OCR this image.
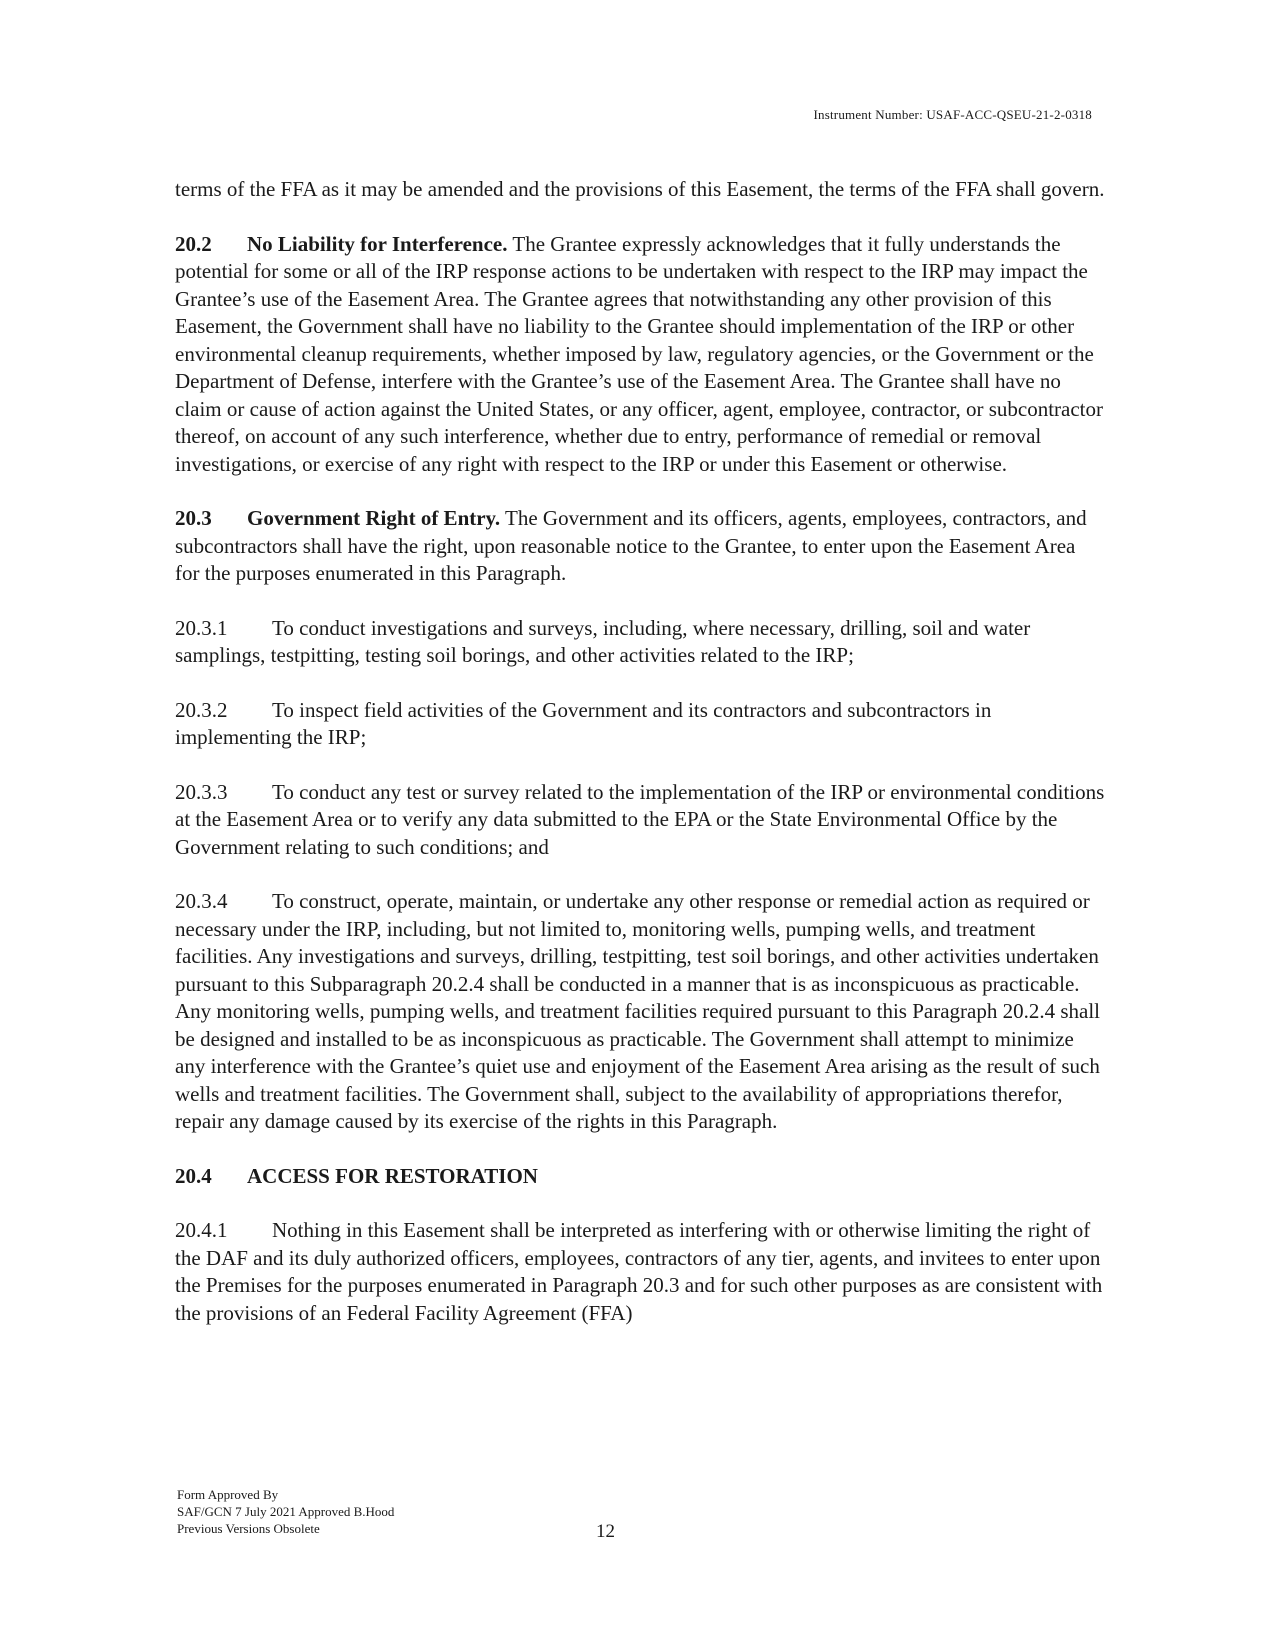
Instrument Number: USAF-ACC-QSEU-21-2-0318

terms of the FFA as it may be amended and the provisions of this Easement, the terms of the FFA shall govern.

20.2 No Liability for Interference. The Grantee expressly acknowledges that it fully understands the potential for some or all of the IRP response actions to be undertaken with respect to the IRP may impact the Grantee’s use of the Easement Area. The Grantee agrees that notwithstanding any other provision of this Easement, the Government shall have no liability to the Grantee should implementation of the IRP or other environmental cleanup requirements, whether imposed by law, regulatory agencies, or the Government or the Department of Defense, interfere with the Grantee’s use of the Easement Area. The Grantee shall have no claim or cause of action against the United States, or any officer, agent, employee, contractor, or subcontractor thereof, on account of any such interference, whether due to entry, performance of remedial or removal investigations, or exercise of any right with respect to the IRP or under this Easement or otherwise.

20.3 Government Right of Entry. The Government and its officers, agents, employees, contractors, and subcontractors shall have the right, upon reasonable notice to the Grantee, to enter upon the Easement Area for the purposes enumerated in this Paragraph.

20.3.1 To conduct investigations and surveys, including, where necessary, drilling, soil and water samplings, testpitting, testing soil borings, and other activities related to the IRP;

20.3.2 To inspect field activities of the Government and its contractors and subcontractors in implementing the IRP;

20.3.3 To conduct any test or survey related to the implementation of the IRP or environmental conditions at the Easement Area or to verify any data submitted to the EPA or the State Environmental Office by the Government relating to such conditions; and

20.3.4 To construct, operate, maintain, or undertake any other response or remedial action as required or necessary under the IRP, including, but not limited to, monitoring wells, pumping wells, and treatment facilities. Any investigations and surveys, drilling, testpitting, test soil borings, and other activities undertaken pursuant to this Subparagraph 20.2.4 shall be conducted in a manner that is as inconspicuous as practicable. Any monitoring wells, pumping wells, and treatment facilities required pursuant to this Paragraph 20.2.4 shall be designed and installed to be as inconspicuous as practicable. The Government shall attempt to minimize any interference with the Grantee’s quiet use and enjoyment of the Easement Area arising as the result of such wells and treatment facilities. The Government shall, subject to the availability of appropriations therefor, repair any damage caused by its exercise of the rights in this Paragraph.

20.4 ACCESS FOR RESTORATION

20.4.1 Nothing in this Easement shall be interpreted as interfering with or otherwise limiting the right of the DAF and its duly authorized officers, employees, contractors of any tier, agents, and invitees to enter upon the Premises for the purposes enumerated in Paragraph 20.3 and for such other purposes as are consistent with the provisions of an Federal Facility Agreement (FFA)

Form Approved By
SAF/GCN 7 July 2021 Approved B.Hood
Previous Versions Obsolete	12
